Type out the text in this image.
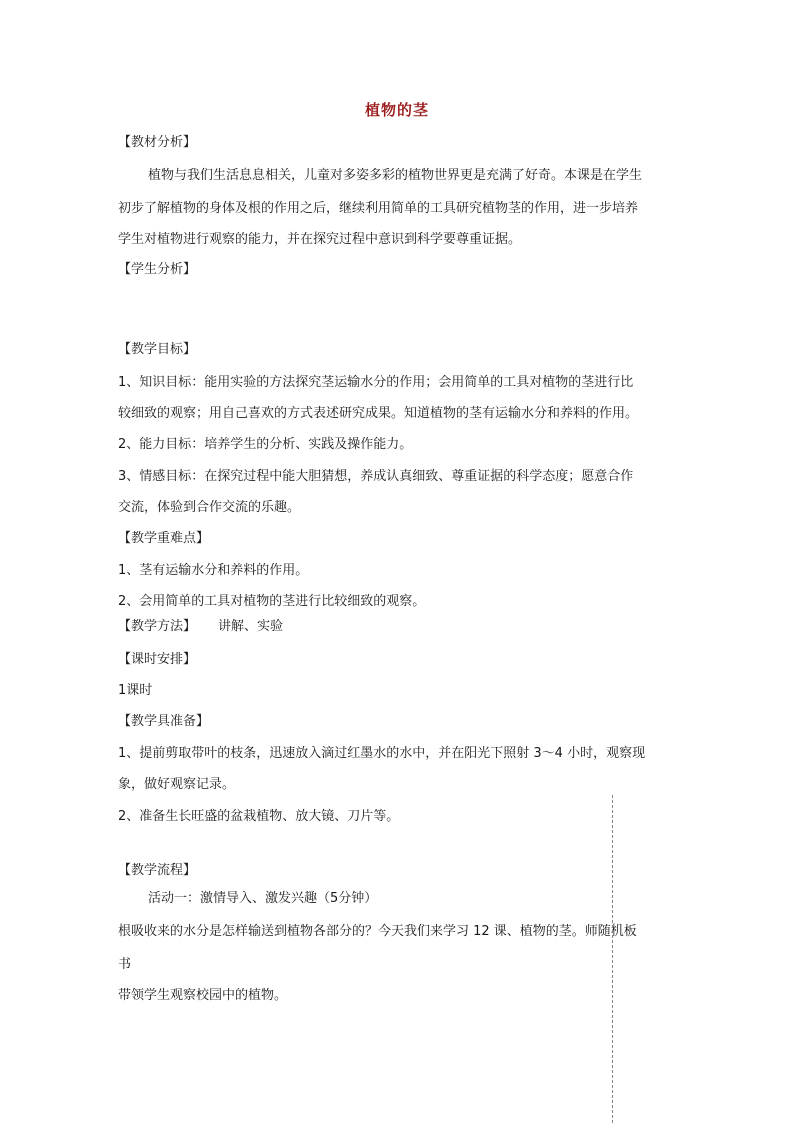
植物的茎
【教材分析】
植物与我们生活息息相关，儿童对多姿多彩的植物世界更是充满了好奇。本课是在学生
初步了解植物的身体及根的作用之后，继续利用简单的工具研究植物茎的作用，进一步培养
学生对植物进行观察的能力，并在探究过程中意识到科学要尊重证据。
【学生分析】
【教学目标】
1、知识目标：能用实验的方法探究茎运输水分的作用；会用简单的工具对植物的茎进行比
较细致的观察；用自己喜欢的方式表述研究成果。知道植物的茎有运输水分和养料的作用。
2、能力目标：培养学生的分析、实践及操作能力。
3、情感目标：在探究过程中能大胆猜想，养成认真细致、尊重证据的科学态度；愿意合作
交流，体验到合作交流的乐趣。
【教学重难点】
1、茎有运输水分和养料的作用。
2、会用简单的工具对植物的茎进行比较细致的观察。
【教学方法】 讲解、实验
【课时安排】
1课时
【教学具准备】
1、提前剪取带叶的枝条，迅速放入滴过红墨水的水中，并在阳光下照射 3～4 小时，观察现
象，做好观察记录。
2、准备生长旺盛的盆栽植物、放大镜、刀片等。
【教学流程】
活动一：激情导入、激发兴趣（5分钟）
根吸收来的水分是怎样输送到植物各部分的？今天我们来学习 12 课、植物的茎。师随机板
书
带领学生观察校园中的植物。
